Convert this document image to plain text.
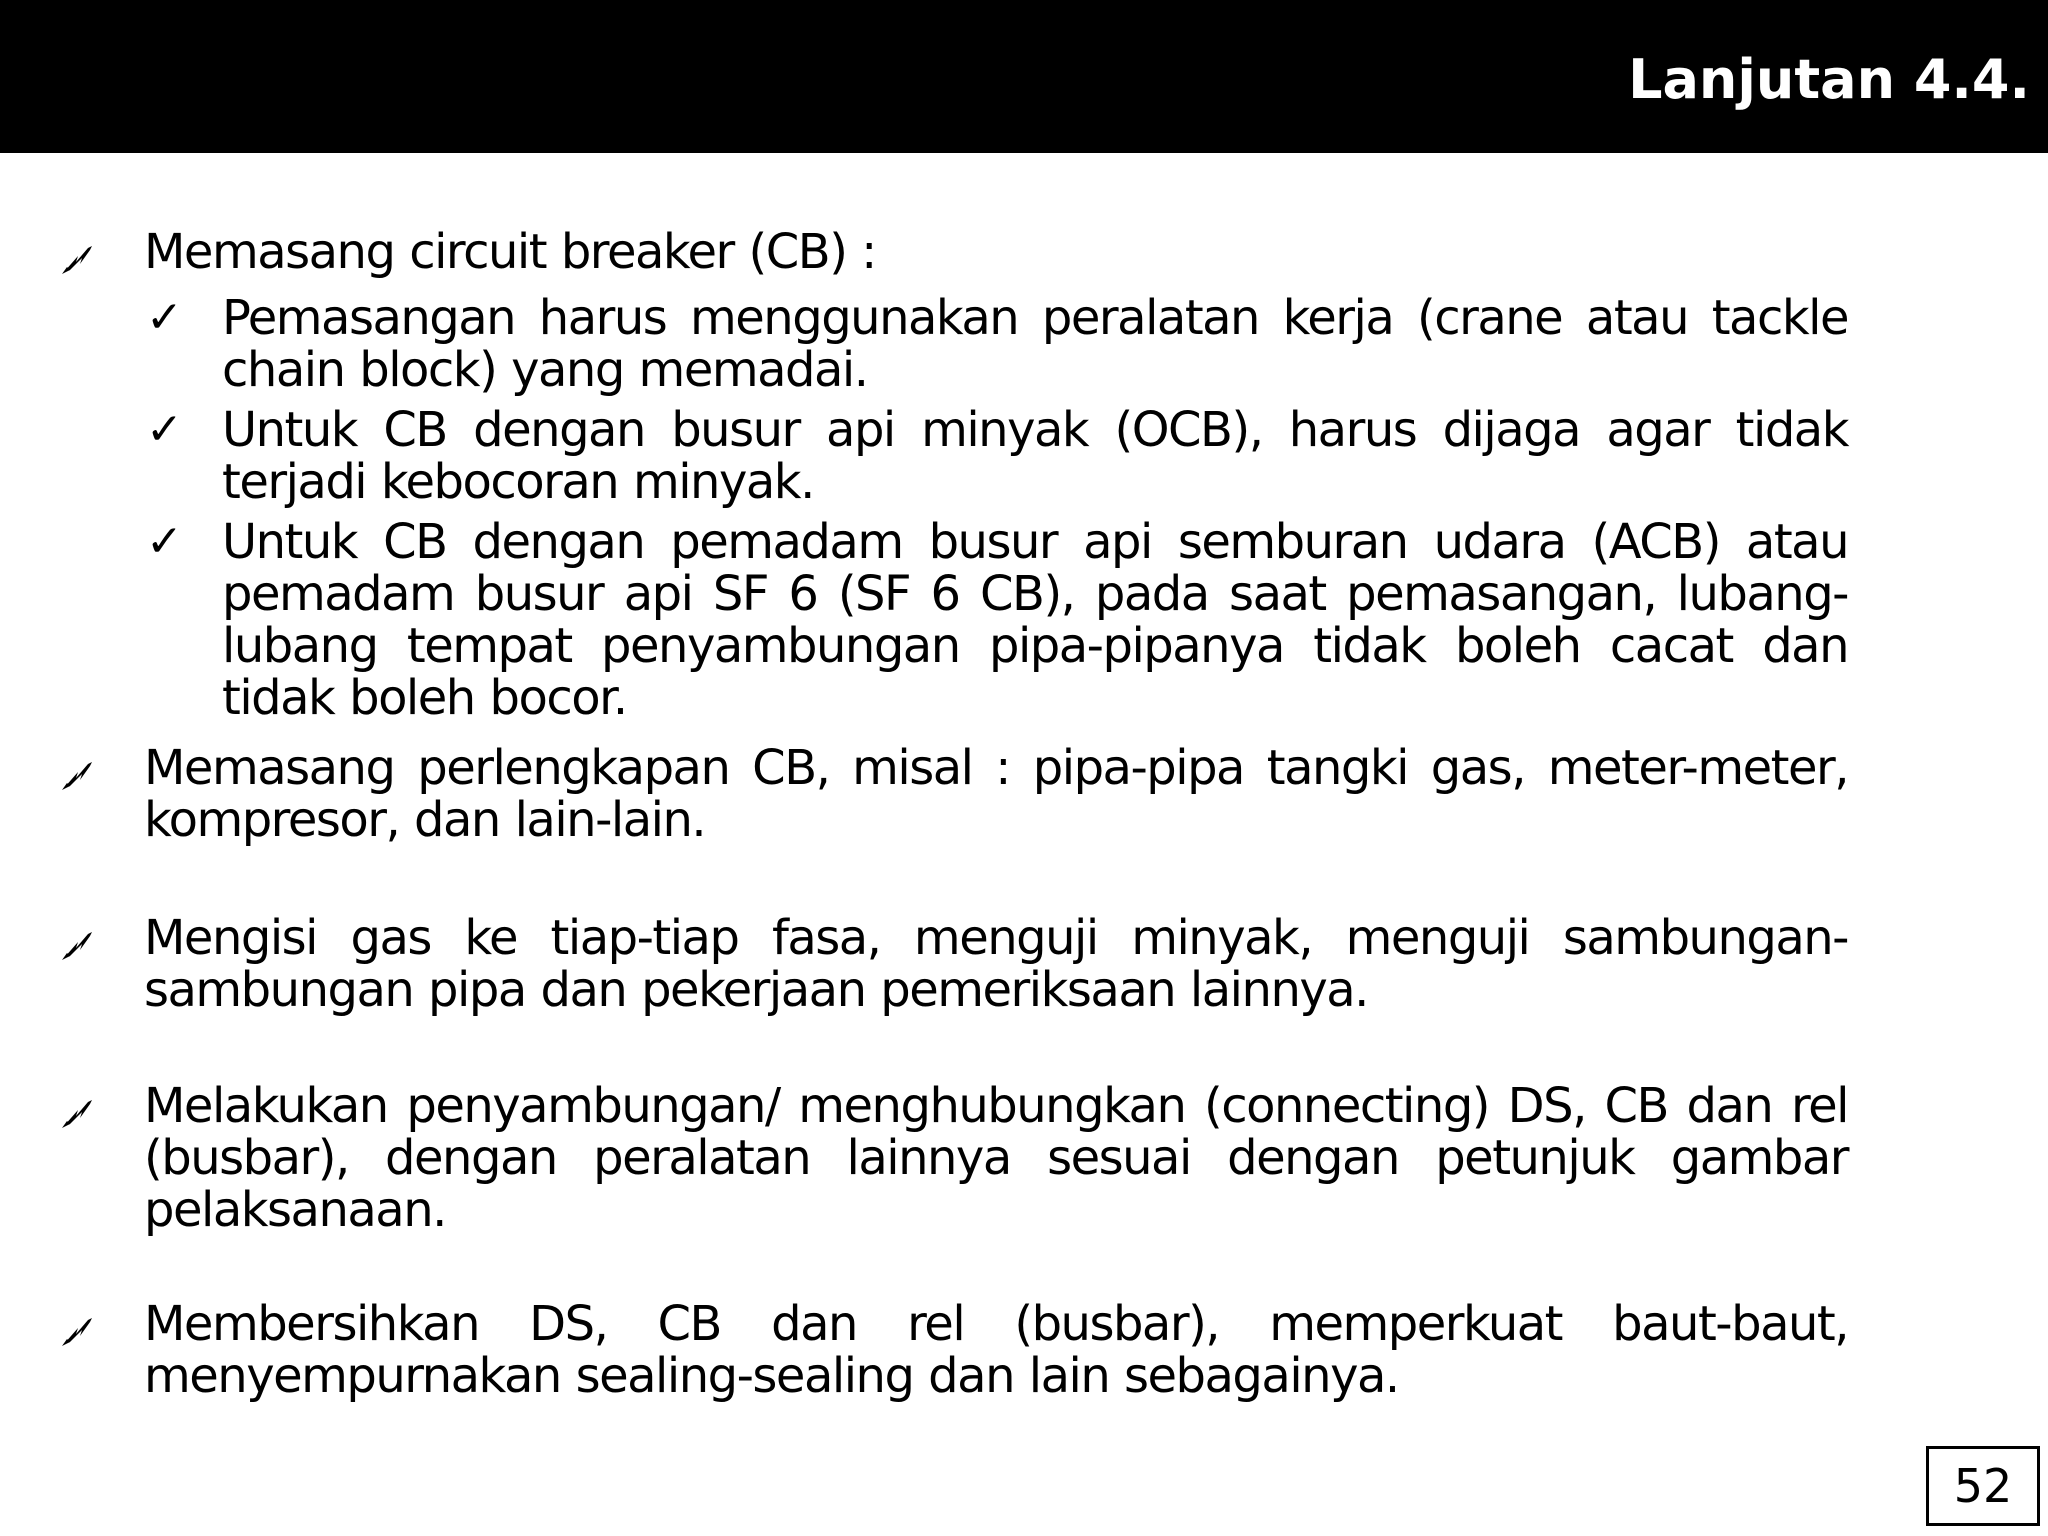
Lanjutan 4.4.

Memasang circuit breaker (CB) :

✓ Pemasangan harus menggunakan peralatan kerja (crane atau tackle chain block) yang memadai.

✓ Untuk CB dengan busur api minyak (OCB), harus dijaga agar tidak terjadi kebocoran minyak.

✓ Untuk CB dengan pemadam busur api semburan udara (ACB) atau pemadam busur api SF 6 (SF 6 CB), pada saat pemasangan, lubang-lubang tempat penyambungan pipa-pipanya tidak boleh cacat dan tidak boleh bocor.

Memasang perlengkapan CB, misal : pipa-pipa tangki gas, meter-meter, kompresor, dan lain-lain.

Mengisi gas ke tiap-tiap fasa, menguji minyak, menguji sambungan-sambungan pipa dan pekerjaan pemeriksaan lainnya.

Melakukan penyambungan/ menghubungkan (connecting) DS, CB dan rel (busbar), dengan peralatan lainnya sesuai dengan petunjuk gambar pelaksanaan.

Membersihkan DS, CB dan rel (busbar), memperkuat baut-baut, menyempurnakan sealing-sealing dan lain sebagainya.

52
